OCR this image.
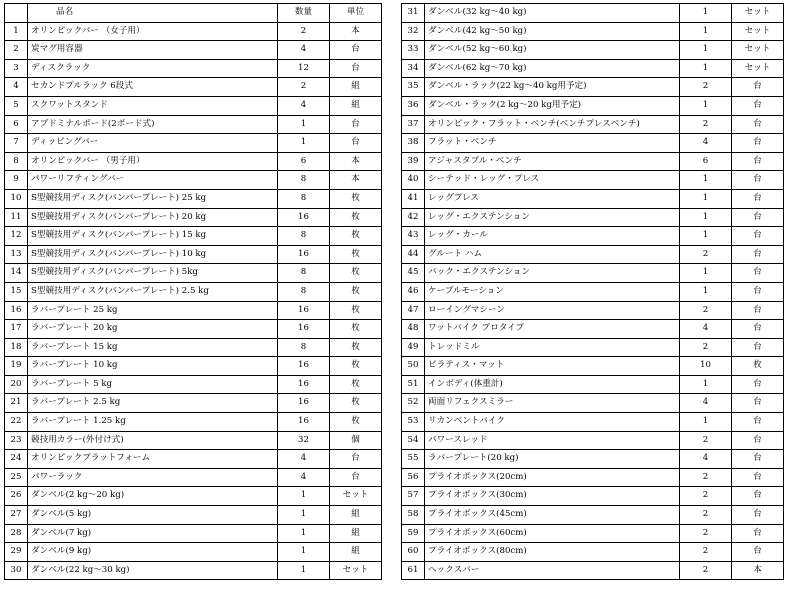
	品名	数量	単位
1	オリンピックバー （女子用）	2	本
2	炭マグ用容器	4	台
3	ディスクラック	12	台
4	セカンドプルラック 6段式	2	組
5	スクワットスタンド	4	組
6	アブドミナルボード(2ボード式)	1	台
7	ディッピングバー	1	台
8	オリンピックバー （男子用）	6	本
9	パワーリフティングバー	8	本
10	S型競技用ディスク(バンパープレート) 25 kg	8	枚
11	S型競技用ディスク(バンパープレート) 20 kg	16	枚
12	S型競技用ディスク(バンパープレート) 15 kg	8	枚
13	S型競技用ディスク(バンパープレート) 10 kg	16	枚
14	S型競技用ディスク(バンパープレート) 5kg	8	枚
15	S型競技用ディスク(バンパープレート) 2.5 kg	8	枚
16	ラバープレート 25 kg	16	枚
17	ラバープレート 20 kg	16	枚
18	ラバープレート 15 kg	8	枚
19	ラバープレート 10 kg	16	枚
20	ラバープレート 5 kg	16	枚
21	ラバープレート 2.5 kg	16	枚
22	ラバープレート 1.25 kg	16	枚
23	競技用カラー(外付け式)	32	個
24	オリンピックプラットフォーム	4	台
25	パワーラック	4	台
26	ダンベル(2 kg〜20 kg)	1	セット
27	ダンベル(5 kg)	1	組
28	ダンベル(7 kg)	1	組
29	ダンベル(9 kg)	1	組
30	ダンベル(22 kg〜30 kg)	1	セット
31	ダンベル(32 kg〜40 kg)	1	セット
32	ダンベル(42 kg〜50 kg)	1	セット
33	ダンベル(52 kg〜60 kg)	1	セット
34	ダンベル(62 kg〜70 kg)	1	セット
35	ダンベル・ラック(22 kg〜40 kg用予定)	2	台
36	ダンベル・ラック(2 kg〜20 kg用予定)	1	台
37	オリンピック・フラット・ベンチ(ベンチプレスベンチ)	2	台
38	フラット・ベンチ	4	台
39	アジャスタブル・ベンチ	6	台
40	シーテッド・レッグ・プレス	1	台
41	レッグプレス	1	台
42	レッグ・エクステンション	1	台
43	レッグ・カール	1	台
44	グルート ハム	2	台
45	バック・エクステンション	1	台
46	ケーブルモーション	1	台
47	ローイングマシーン	2	台
48	ワットバイク プロタイプ	4	台
49	トレッドミル	2	台
50	ピラティス・マット	10	枚
51	インボディ(体重計)	1	台
52	両面リフェクスミラー	4	台
53	リカンベントバイク	1	台
54	パワースレッド	2	台
55	ラバープレート(20 kg)	4	台
56	プライオボックス(20cm)	2	台
57	プライオボックス(30cm)	2	台
58	プライオボックス(45cm)	2	台
59	プライオボックス(60cm)	2	台
60	プライオボックス(80cm)	2	台
61	ヘックスバー	2	本
